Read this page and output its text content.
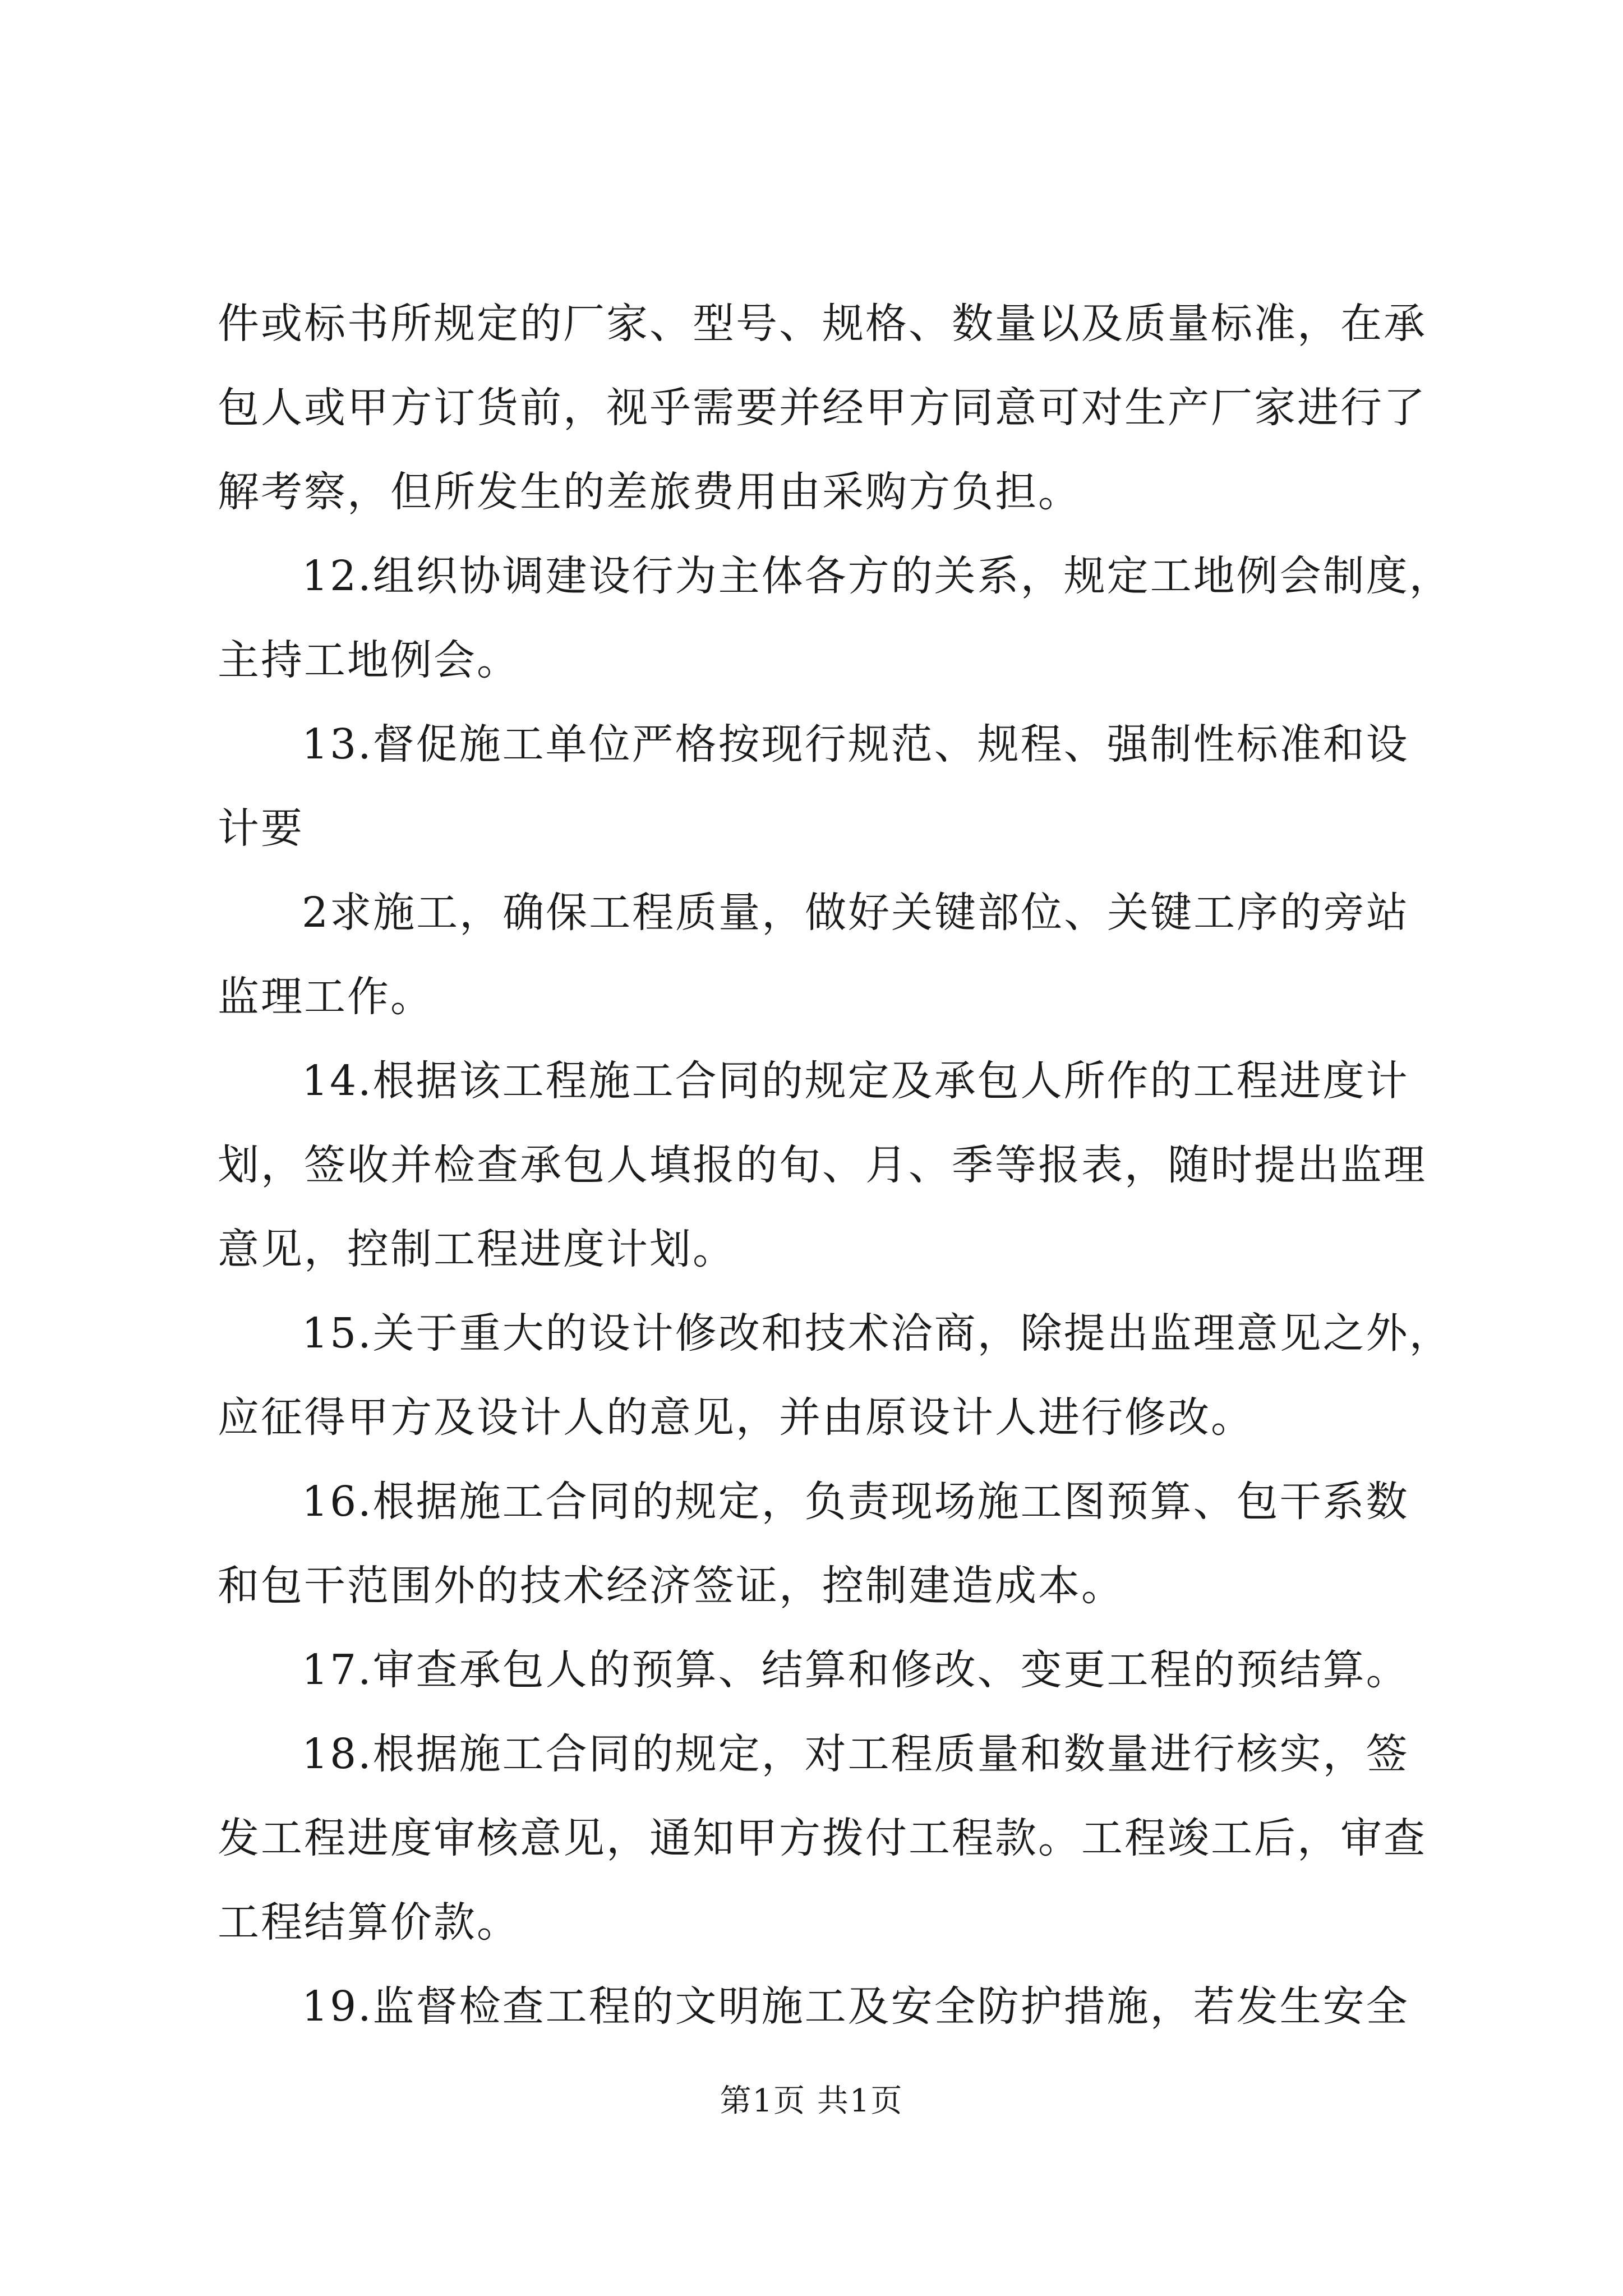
件或标书所规定的厂家、型号、规格、数量以及质量标准，在承
包人或甲方订货前，视乎需要并经甲方同意可对生产厂家进行了
解考察，但所发生的差旅费用由采购方负担。
12.组织协调建设行为主体各方的关系，规定工地例会制度，
主持工地例会。
13.督促施工单位严格按现行规范、规程、强制性标准和设
计要
2求施工，确保工程质量，做好关键部位、关键工序的旁站
监理工作。
14.根据该工程施工合同的规定及承包人所作的工程进度计
划，签收并检查承包人填报的旬、月、季等报表，随时提出监理
意见，控制工程进度计划。
15.关于重大的设计修改和技术洽商，除提出监理意见之外，
应征得甲方及设计人的意见，并由原设计人进行修改。
16.根据施工合同的规定，负责现场施工图预算、包干系数
和包干范围外的技术经济签证，控制建造成本。
17.审查承包人的预算、结算和修改、变更工程的预结算。
18.根据施工合同的规定，对工程质量和数量进行核实，签
发工程进度审核意见，通知甲方拨付工程款。工程竣工后，审查
工程结算价款。
19.监督检查工程的文明施工及安全防护措施，若发生安全
第1页 共1页
